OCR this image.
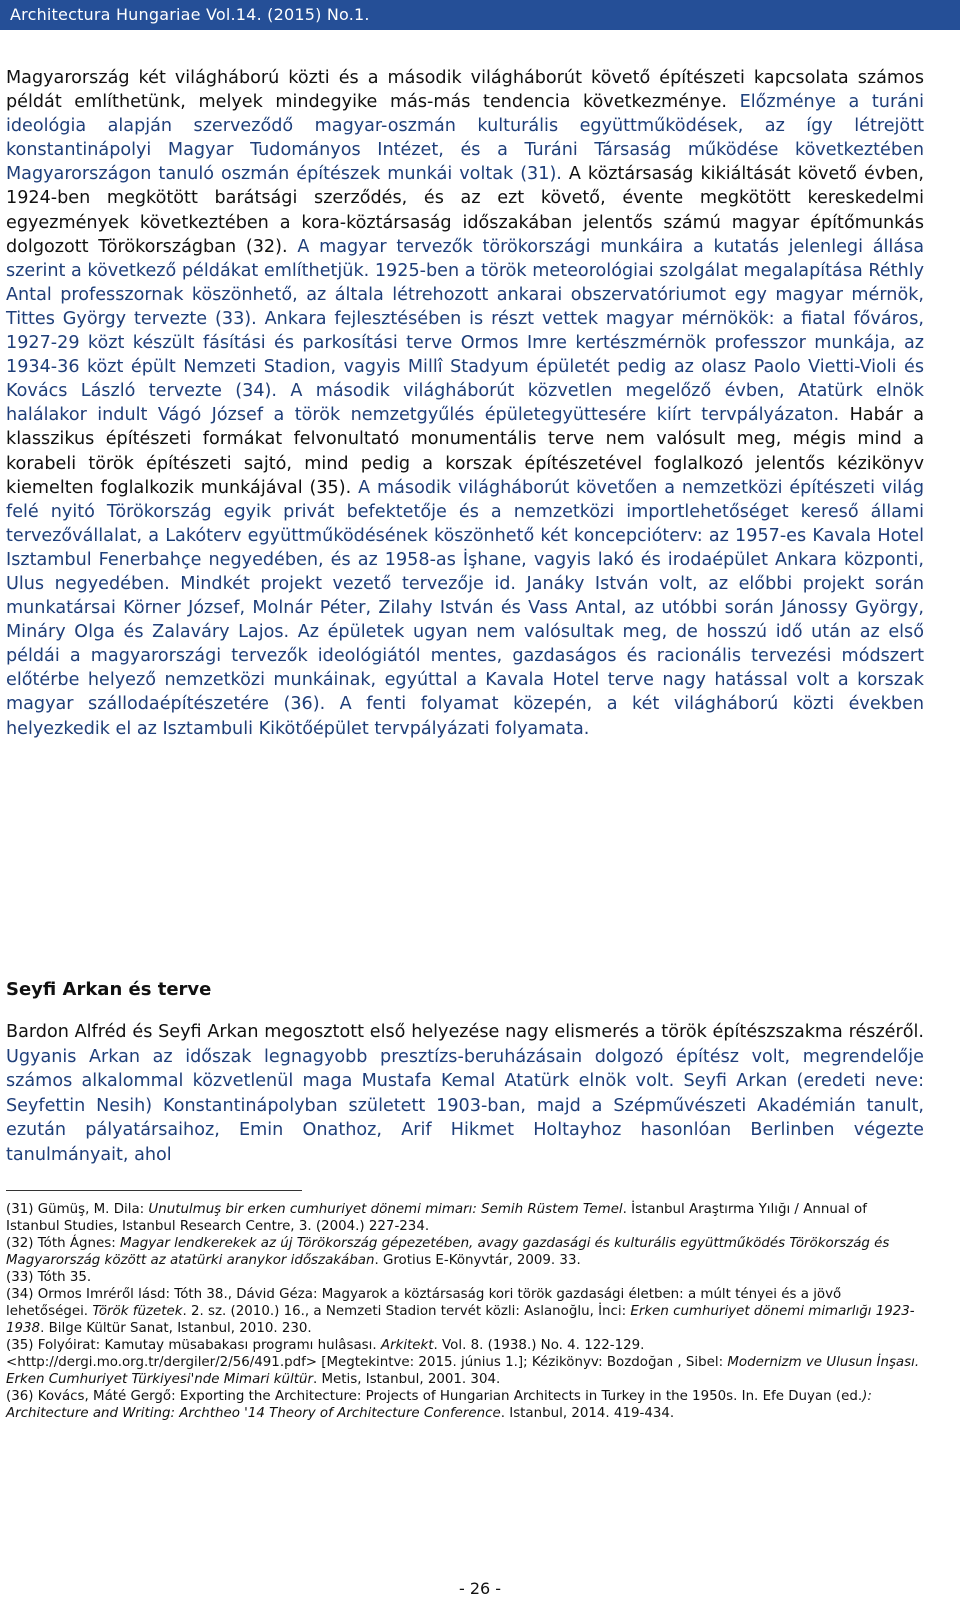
Architectura Hungariae Vol.14. (2015) No.1.

Magyarország két világháború közti és a második világháborút követő építészeti kapcsolata számos példát említhetünk, melyek mindegyike más-más tendencia következménye. Előzménye a turáni ideológia alapján szerveződő magyar-oszmán kulturális együttműködések, az így létrejött konstantinápolyi Magyar Tudományos Intézet, és a Turáni Társaság működése következtében Magyarországon tanuló oszmán építészek munkái voltak (31). A köztársaság kikiáltását követő évben, 1924-ben megkötött barátsági szerződés, és az ezt követő, évente megkötött kereskedelmi egyezmények következtében a kora-köztársaság időszakában jelentős számú magyar építőmunkás dolgozott Törökországban (32). A magyar tervezők törökországi munkáira a kutatás jelenlegi állása szerint a következő példákat említhetjük. 1925-ben a török meteorológiai szolgálat megalapítása Réthly Antal professzornak köszönhető, az általa létrehozott ankarai obszervatóriumot egy magyar mérnök, Tittes György tervezte (33). Ankara fejlesztésében is részt vettek magyar mérnökök: a fiatal főváros, 1927-29 közt készült fásítási és parkosítási terve Ormos Imre kertészmérnök professzor munkája, az 1934-36 közt épült Nemzeti Stadion, vagyis Millî Stadyum épületét pedig az olasz Paolo Vietti-Violi és Kovács László tervezte (34). A második világháborút közvetlen megelőző évben, Atatürk elnök halálakor indult Vágó József a török nemzetgyűlés épületegyüttesére kiírt tervpályázaton. Habár a klasszikus építészeti formákat felvonultató monumentális terve nem valósult meg, mégis mind a korabeli török építészeti sajtó, mind pedig a korszak építészetével foglalkozó jelentős kézikönyv kiemelten foglalkozik munkájával (35). A második világháborút követően a nemzetközi építészeti világ felé nyitó Törökország egyik privát befektetője és a nemzetközi importlehetőséget kereső állami tervezővállalat, a Lakóterv együttműködésének köszönhető két koncepcióterv: az 1957-es Kavala Hotel Isztambul Fenerbahçe negyedében, és az 1958-as İşhane, vagyis lakó és irodaépület Ankara központi, Ulus negyedében. Mindkét projekt vezető tervezője id. Janáky István volt, az előbbi projekt során munkatársai Körner József, Molnár Péter, Zilahy István és Vass Antal, az utóbbi során Jánossy György, Mináry Olga és Zalaváry Lajos. Az épületek ugyan nem valósultak meg, de hosszú idő után az első példái a magyarországi tervezők ideológiától mentes, gazdaságos és racionális tervezési módszert előtérbe helyező nemzetközi munkáinak, egyúttal a Kavala Hotel terve nagy hatással volt a korszak magyar szállodaépítészetére (36). A fenti folyamat közepén, a két világháború közti években helyezkedik el az Isztambuli Kikötőépület tervpályázati folyamata.

Seyfi Arkan és terve

Bardon Alfréd és Seyfi Arkan megosztott első helyezése nagy elismerés a török építészszakma részéről. Ugyanis Arkan az időszak legnagyobb presztízs-beruházásain dolgozó építész volt, megrendelője számos alkalommal közvetlenül maga Mustafa Kemal Atatürk elnök volt. Seyfi Arkan (eredeti neve: Seyfettin Nesih) Konstantinápolyban született 1903-ban, majd a Szépművészeti Akadémián tanult, ezután pályatársaihoz, Emin Onathoz, Arif Hikmet Holtayhoz hasonlóan Berlinben végezte tanulmányait, ahol

(31) Gümüş, M. Dila: Unutulmuş bir erken cumhuriyet dönemi mimarı: Semih Rüstem Temel. İstanbul Araştırma Yılığı / Annual of Istanbul Studies, Istanbul Research Centre, 3. (2004.) 227-234.

(32) Tóth Ágnes: Magyar lendkerekek az új Törökország gépezetében, avagy gazdasági és kulturális együttműködés Törökország és Magyarország között az atatürki aranykor időszakában. Grotius E-Könyvtár, 2009. 33.

(33) Tóth 35.

(34) Ormos Imréről lásd: Tóth 38., Dávid Géza: Magyarok a köztársaság kori török gazdasági életben: a múlt tényei és a jövő lehetőségei. Török füzetek. 2. sz. (2010.) 16., a Nemzeti Stadion tervét közli: Aslanoğlu, İnci: Erken cumhuriyet dönemi mimarlığı 1923-1938. Bilge Kültür Sanat, Istanbul, 2010. 230.

(35) Folyóirat: Kamutay müsabakası programı hulâsası. Arkitekt. Vol. 8. (1938.) No. 4. 122-129. <http://dergi.mo.org.tr/dergiler/2/56/491.pdf> [Megtekintve: 2015. június 1.]; Kézikönyv: Bozdoğan , Sibel: Modernizm ve Ulusun İnşası. Erken Cumhuriyet Türkiyesi'nde Mimari kültür. Metis, Istanbul, 2001. 304.

(36) Kovács, Máté Gergő: Exporting the Architecture: Projects of Hungarian Architects in Turkey in the 1950s. In. Efe Duyan (ed.): Architecture and Writing: Archtheo '14 Theory of Architecture Conference. Istanbul, 2014. 419-434.

- 26 -
